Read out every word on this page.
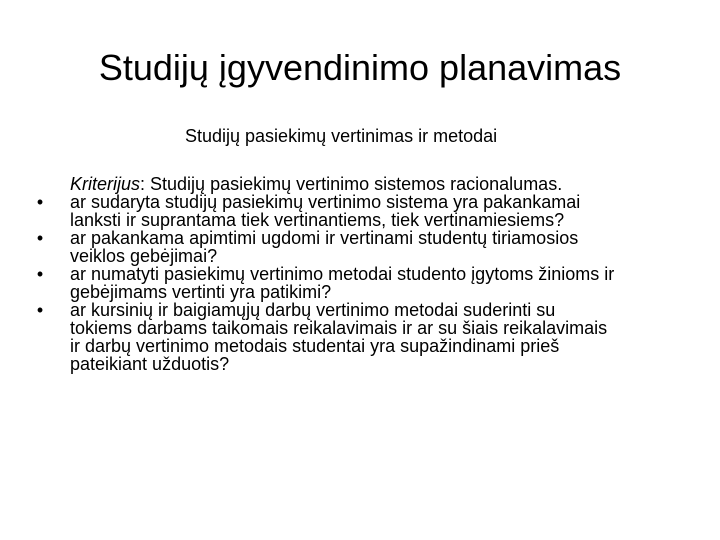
Studijų įgyvendinimo planavimas
Studijų pasiekimų vertinimas ir metodai

Kriterijus: Studijų pasiekimų vertinimo sistemos racionalumas.

•	ar sudaryta studijų pasiekimų vertinimo sistema yra pakankamai
lanksti ir suprantama tiek vertinantiems, tiek vertinamiesiems?
•	ar pakankama apimtimi ugdomi ir vertinami studentų tiriamosios
veiklos gebėjimai?
•	ar numatyti pasiekimų vertinimo metodai studento įgytoms žinioms ir
gebėjimams vertinti yra patikimi?
•	ar kursinių ir baigiamųjų darbų vertinimo metodai suderinti su
tokiems darbams taikomais reikalavimais ir ar su šiais reikalavimais
ir darbų vertinimo metodais studentai yra supažindinami prieš
pateikiant užduotis?
